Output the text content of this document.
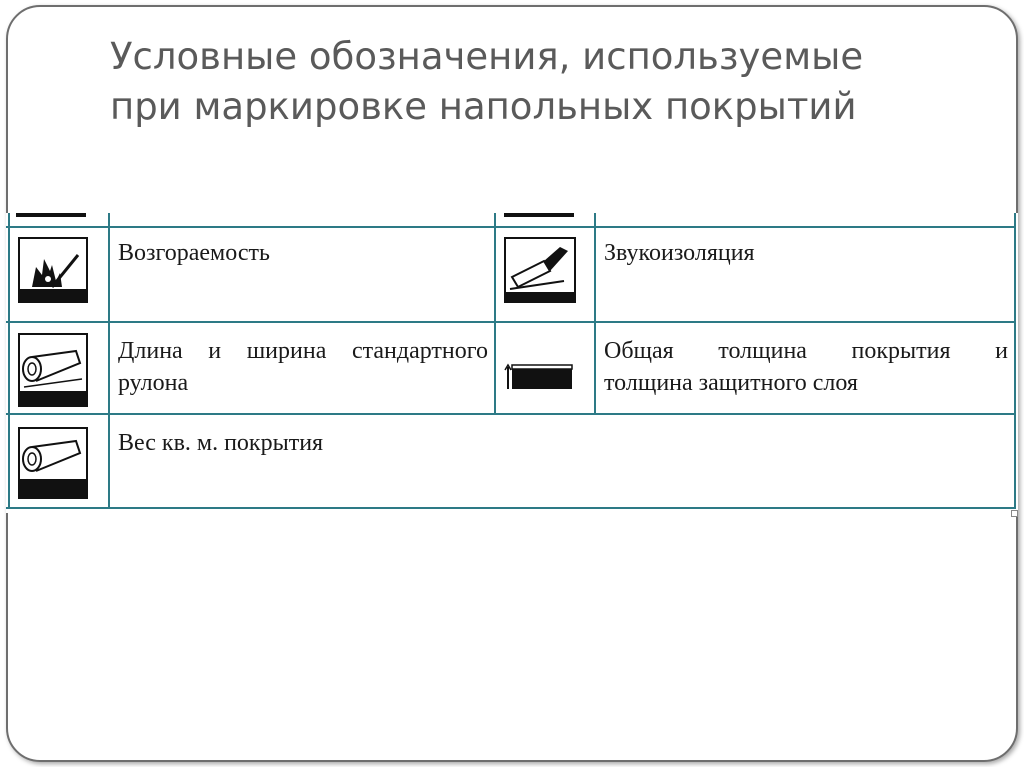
Условные обозначения, используемые
при маркировке напольных покрытий
Возгораемость	Звукоизоляция
Длина и ширина стандартного
рулона
Общая толщина покрытия и
толщина защитного слоя
Вес кв. м. покрытия
